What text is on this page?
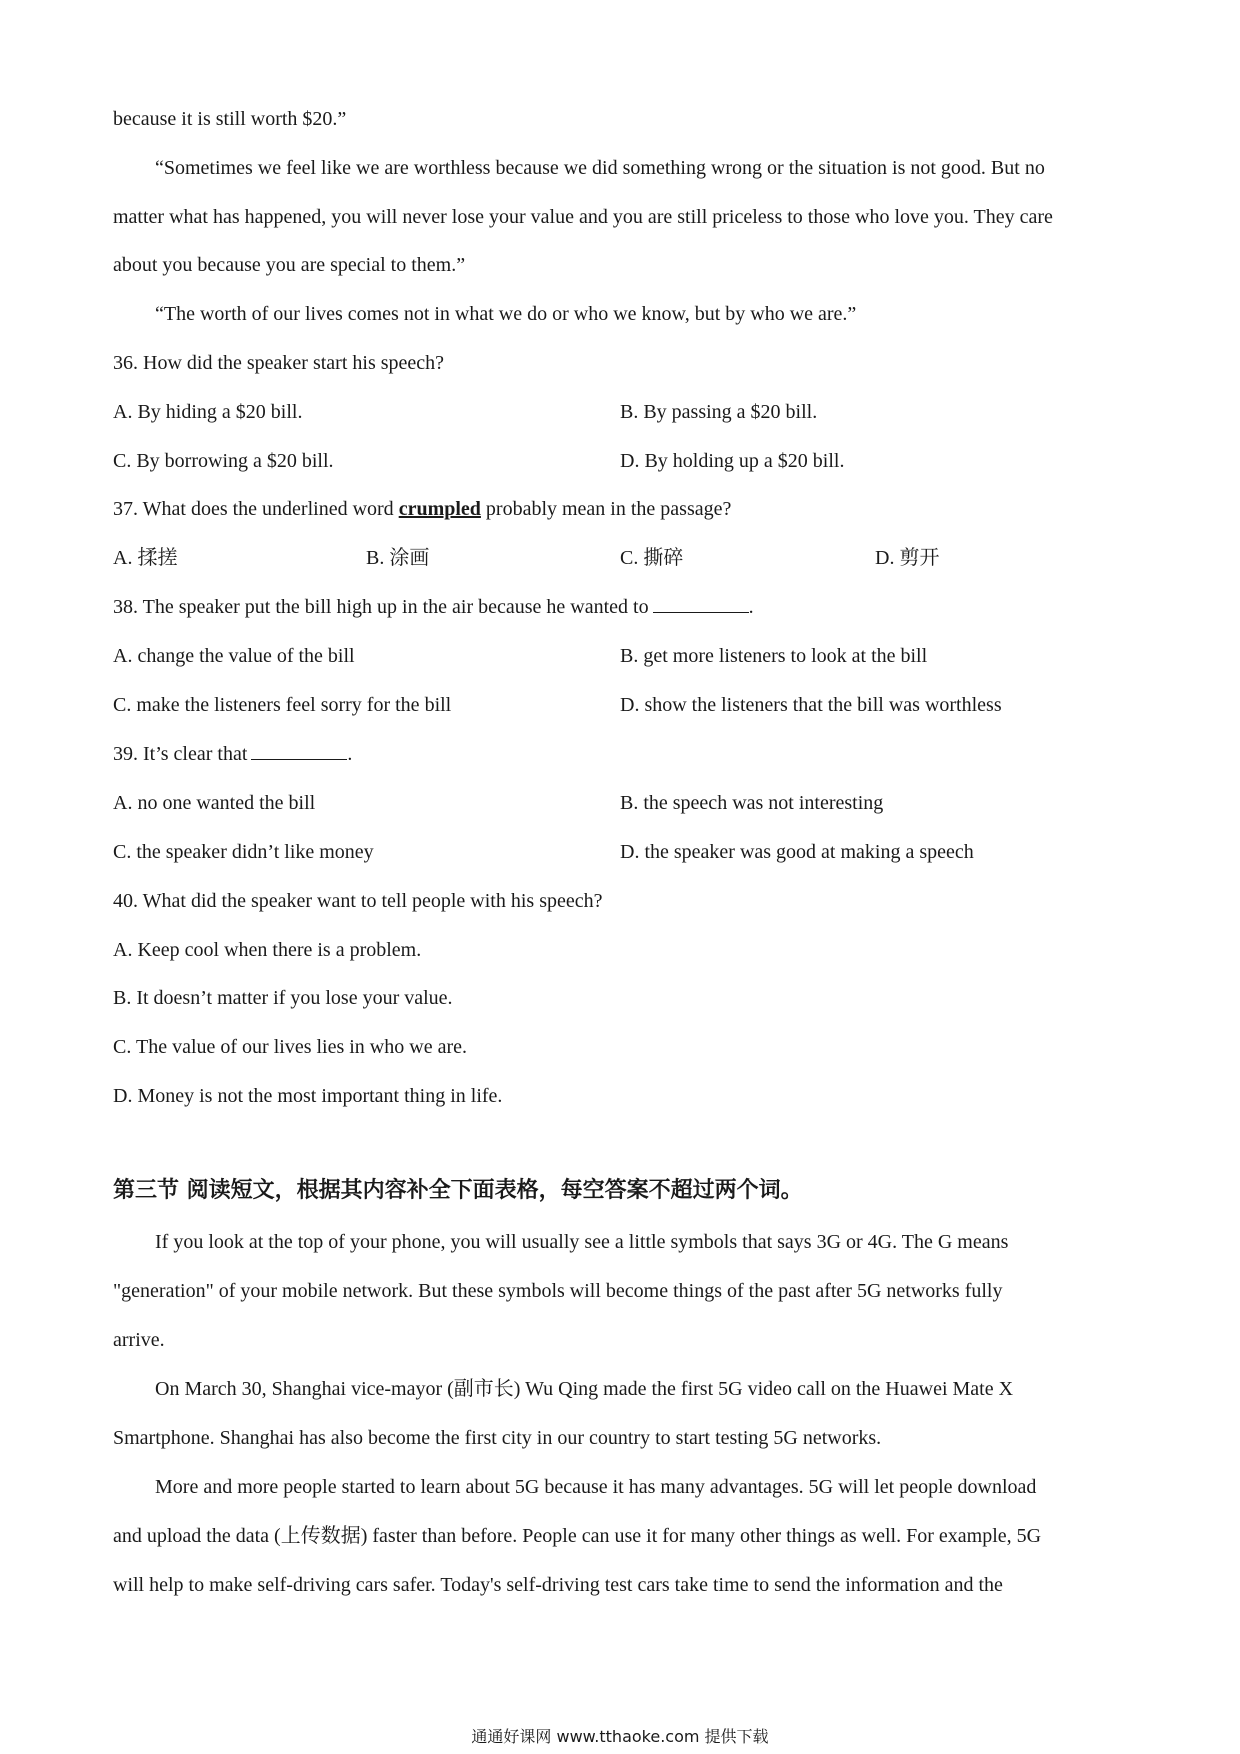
because it is still worth $20.”
“Sometimes we feel like we are worthless because we did something wrong or the situation is not good. But no
matter what has happened, you will never lose your value and you are still priceless to those who love you. They care
about you because you are special to them.”
“The worth of our lives comes not in what we do or who we know, but by who we are.”
36. How did the speaker start his speech?
A. By hiding a $20 bill.	B. By passing a $20 bill.
C. By borrowing a $20 bill.	D. By holding up a $20 bill.
37. What does the underlined word crumpled probably mean in the passage?
A. 揉搓	B. 涂画	C. 撕碎	D. 剪开
38. The speaker put the bill high up in the air because he wanted to	.
A. change the value of the bill	B. get more listeners to look at the bill
C. make the listeners feel sorry for the bill	D. show the listeners that the bill was worthless
39. It’s clear that	.
A. no one wanted the bill	B. the speech was not interesting
C. the speaker didn’t like money	D. the speaker was good at making a speech
40. What did the speaker want to tell people with his speech?
A. Keep cool when there is a problem.
B. It doesn’t matter if you lose your value.
C. The value of our lives lies in who we are.
D. Money is not the most important thing in life.
第三节 阅读短文，根据其内容补全下面表格，每空答案不超过两个词。
If you look at the top of your phone, you will usually see a little symbols that says 3G or 4G. The G means
"generation" of your mobile network. But these symbols will become things of the past after 5G networks fully
arrive.
On March 30, Shanghai vice-mayor (副市长) Wu Qing made the first 5G video call on the Huawei Mate X
Smartphone. Shanghai has also become the first city in our country to start testing 5G networks.
More and more people started to learn about 5G because it has many advantages. 5G will let people download
and upload the data (上传数据) faster than before. People can use it for many other things as well. For example, 5G
will help to make self-driving cars safer. Today's self-driving test cars take time to send the information and the
通通好课网 www.tthaoke.com 提供下载
